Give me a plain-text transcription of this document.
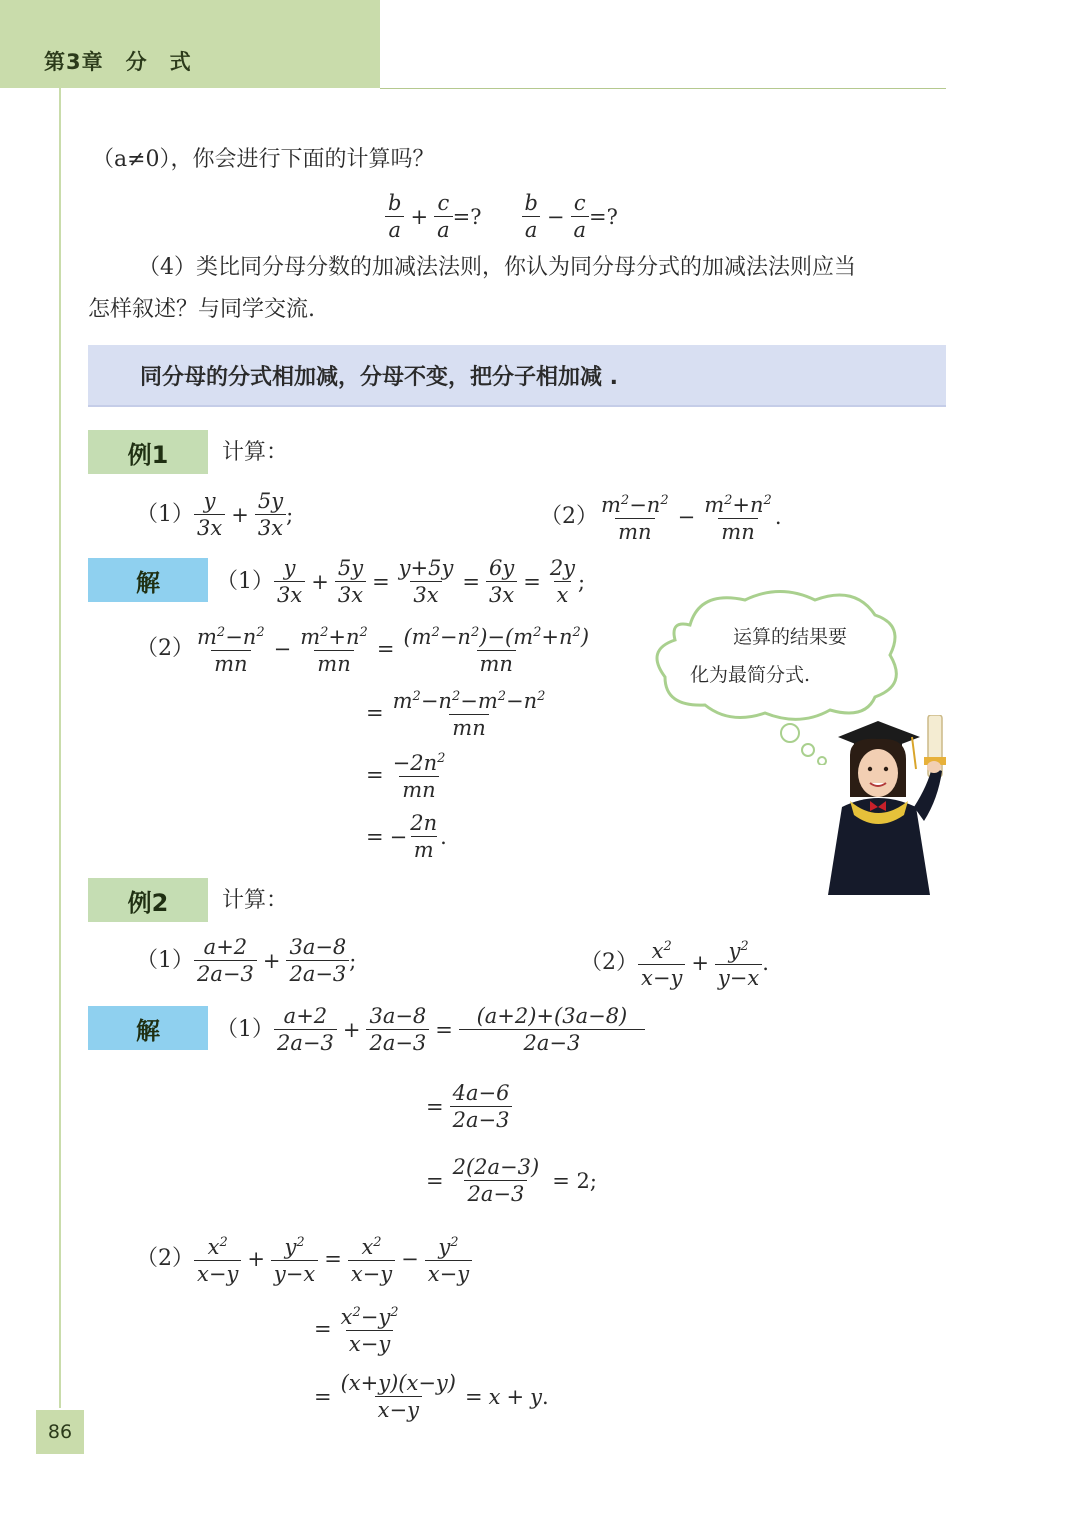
第3章　分　式
（a≠0），你会进行下面的计算吗？
$\frac{b}{a} + \frac{c}{a}$ =? $\frac{b}{a} - \frac{c}{a}$ =?
（4）类比同分母分数的加减法法则，你认为同分母分式的加减法法则应当
怎样叙述？与同学交流.
同分母的分式相加减，分母不变，把分子相加减 .
例1	计算：
$(1) \frac{y}{3x} + \frac{5y}{3x}$ ;	$(2) \frac{m^2-n^2}{mn} - \frac{m^2+n^2}{mn}$ .
解	$(1) \frac{y}{3x} + \frac{5y}{3x} = \frac{y+5y}{3x} = \frac{6y}{3x} = \frac{2y}{x}$ ;
$(2) \frac{m^2-n^2}{mn} - \frac{m^2+n^2}{mn} = \frac{(m^2-n^2)-(m^2+n^2)}{mn}$
= $\frac{m^2-n^2-m^2-n^2}{mn}$
= $\frac{-2n^2}{mn}$
= − $\frac{2n}{m}$ .
运算的结果要
化为最简分式.
例2	计算：
$(1) \frac{a+2}{2a-3} + \frac{3a-8}{2a-3}$ ;	$(2) \frac{x^2}{x-y} + \frac{y^2}{y-x}$ .
解	$(1) \frac{a+2}{2a-3} + \frac{3a-8}{2a-3} = \frac{(a+2)+(3a-8)}{2a-3}$
= $\frac{4a-6}{2a-3}$
= $\frac{2(2a-3)}{2a-3} = 2$;
$(2) \frac{x^2}{x-y} + \frac{y^2}{y-x} = \frac{x^2}{x-y} - \frac{y^2}{x-y}$
= $\frac{x^2-y^2}{x-y}$
= $\frac{(x+y)(x-y)}{x-y} = x + y$ .
86
